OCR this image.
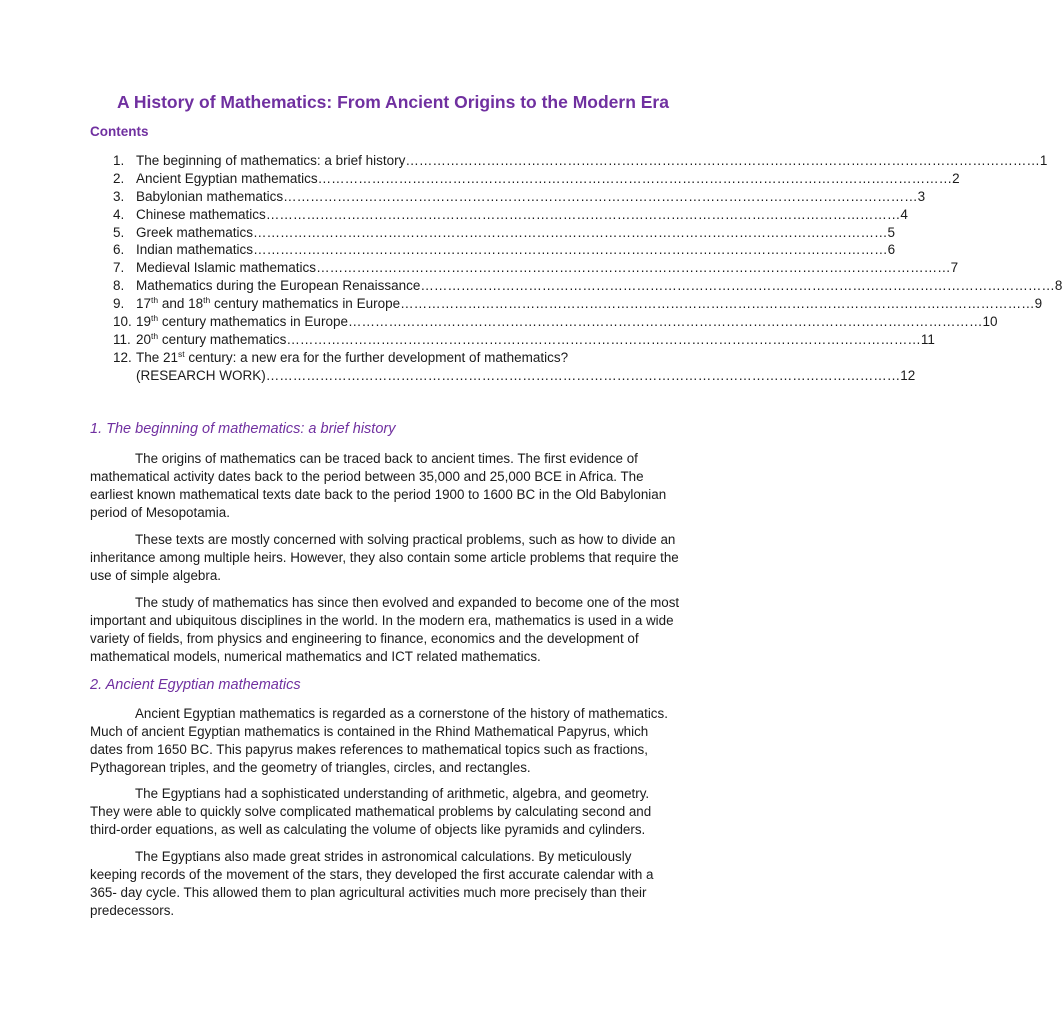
A History of Mathematics: From Ancient Origins to the Modern Era
Contents
1. The beginning of mathematics: a brief history ……………………………………………………………………………………………………………………………	1
2. Ancient Egyptian mathematics ……………………………………………………………………………………………………………………………	2
3. Babylonian mathematics ……………………………………………………………………………………………………………………………	3
4. Chinese mathematics ……………………………………………………………………………………………………………………………	4
5. Greek mathematics ……………………………………………………………………………………………………………………………	5
6. Indian mathematics ……………………………………………………………………………………………………………………………	6
7. Medieval Islamic mathematics ……………………………………………………………………………………………………………………………	7
8. Mathematics during the European Renaissance ……………………………………………………………………………………………………………………………	8
9. 17th and 18th century mathematics in Europe ……………………………………………………………………………………………………………………………	9
10. 19th century mathematics in Europe ……………………………………………………………………………………………………………………………	10
11. 20th century mathematics ……………………………………………………………………………………………………………………………	11
12. The 21st century: a new era for the further development of mathematics?
(RESEARCH WORK) ……………………………………………………………………………………………………………………………	12
1. The beginning of mathematics: a brief history
The origins of mathematics can be traced back to ancient times. The first evidence of mathematical activity dates back to the period between 35,000 and 25,000 BCE in Africa. The earliest known mathematical texts date back to the period 1900 to 1600 BC in the Old Babylonian period of Mesopotamia.
These texts are mostly concerned with solving practical problems, such as how to divide an inheritance among multiple heirs. However, they also contain some article problems that require the use of simple algebra.
The study of mathematics has since then evolved and expanded to become one of the most important and ubiquitous disciplines in the world. In the modern era, mathematics is used in a wide variety of fields, from physics and engineering to finance, economics and the development of mathematical models, numerical mathematics and ICT related mathematics.
2. Ancient Egyptian mathematics
Ancient Egyptian mathematics is regarded as a cornerstone of the history of mathematics. Much of ancient Egyptian mathematics is contained in the Rhind Mathematical Papyrus, which dates from 1650 BC. This papyrus makes references to mathematical topics such as fractions, Pythagorean triples, and the geometry of triangles, circles, and rectangles.
The Egyptians had a sophisticated understanding of arithmetic, algebra, and geometry. They were able to quickly solve complicated mathematical problems by calculating second and third-order equations, as well as calculating the volume of objects like pyramids and cylinders.
The Egyptians also made great strides in astronomical calculations. By meticulously keeping records of the movement of the stars, they developed the first accurate calendar with a 365- day cycle. This allowed them to plan agricultural activities much more precisely than their predecessors.
